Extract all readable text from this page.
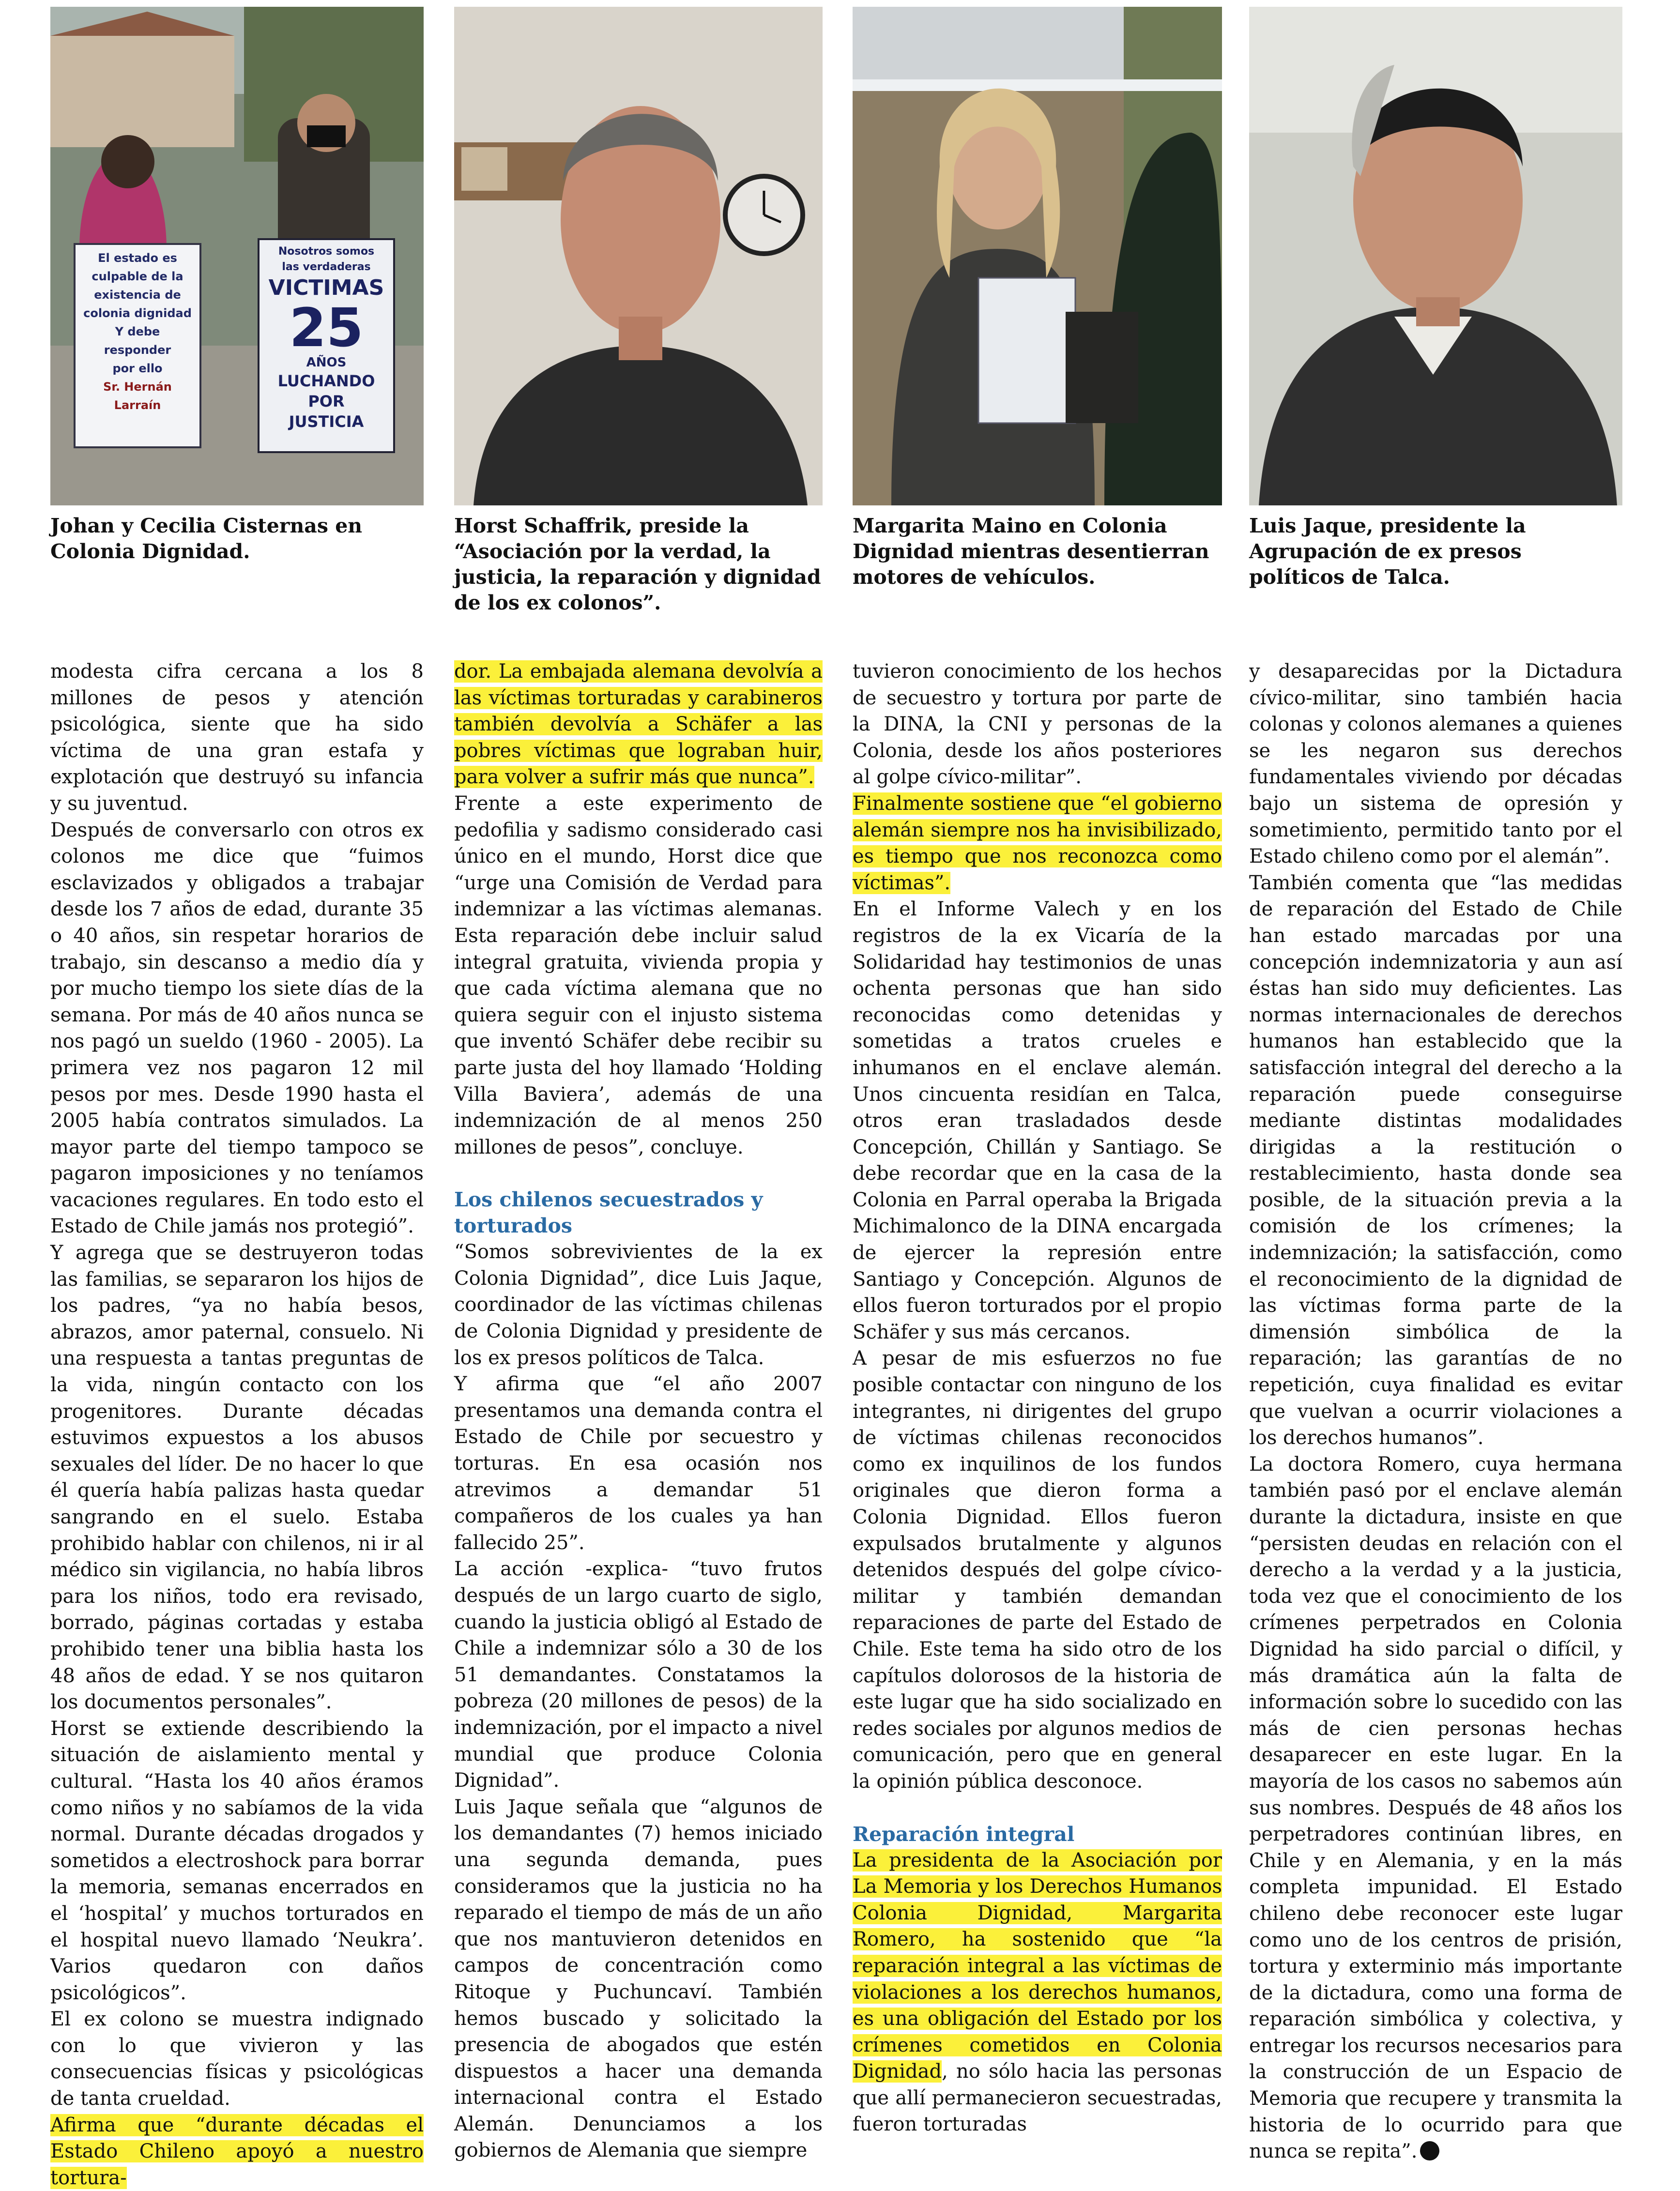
El estado es
culpable de la
existencia de
colonia dignidad
Y debe
responder
por ello
Sr. Hernán Larraín
Nosotros somos
las verdaderas
VICTIMAS
25
AÑOS
LUCHANDO
POR
JUSTICIA
Johan y Cecilia Cisternas en Colonia Dignidad.
Horst Schaffrik, preside la “Asociación por la verdad, la justicia, la reparación y dignidad de los ex colonos”.
Margarita Maino en Colonia Dignidad mientras desentierran motores de vehículos.
Luis Jaque, presidente la Agrupación de ex presos políticos de Talca.

modesta cifra cercana a los 8 millones de pesos y atención psicológica, siente que ha sido víctima de una gran estafa y explotación que destruyó su infancia y su juventud.

Después de conversarlo con otros ex colonos me dice que “fuimos esclavizados y obligados a trabajar desde los 7 años de edad, durante 35 o 40 años, sin respetar horarios de trabajo, sin descanso a medio día y por mucho tiempo los siete días de la semana. Por más de 40 años nunca se nos pagó un sueldo (1960 - 2005). La primera vez nos pagaron 12 mil pesos por mes. Desde 1990 hasta el 2005 había contratos simulados. La mayor parte del tiempo tampoco se pagaron imposiciones y no teníamos vacaciones regulares. En todo esto el Estado de Chile jamás nos protegió”.

Y agrega que se destruyeron todas las familias, se separaron los hijos de los padres, “ya no había besos, abrazos, amor paternal, consuelo. Ni una respuesta a tantas preguntas de la vida, ningún contacto con los progenitores. Durante décadas estuvimos expuestos a los abusos sexuales del líder. De no hacer lo que él quería había palizas hasta quedar sangrando en el suelo. Estaba prohibido hablar con chilenos, ni ir al médico sin vigilancia, no había libros para los niños, todo era revisado, borrado, páginas cortadas y estaba prohibido tener una biblia hasta los 48 años de edad. Y se nos quitaron los documentos personales”.

Horst se extiende describiendo la situación de aislamiento mental y cultural. “Hasta los 40 años éramos como niños y no sabíamos de la vida normal. Durante décadas drogados y sometidos a electroshock para borrar la memoria, semanas encerrados en el ‘hospital’ y muchos torturados en el hospital nuevo llamado ‘Neukra’. Varios quedaron con daños psicológicos”.

El ex colono se muestra indignado con lo que vivieron y las consecuencias físicas y psicológicas de tanta crueldad.

Afirma que “durante décadas el Estado Chileno apoyó a nuestro tortura-

dor. La embajada alemana devolvía a las víctimas torturadas y carabineros también devolvía a Schäfer a las pobres víctimas que lograban huir, para volver a sufrir más que nunca”.

Frente a este experimento de pedofilia y sadismo considerado casi único en el mundo, Horst dice que “urge una Comisión de Verdad para indemnizar a las víctimas alemanas. Esta reparación debe incluir salud integral gratuita, vivienda propia y que cada víctima alemana que no quiera seguir con el injusto sistema que inventó Schäfer debe recibir su parte justa del hoy llamado ‘Holding Villa Baviera’, además de una indemnización de al menos 250 millones de pesos”, concluye.

Los chilenos secuestrados y torturados

“Somos sobrevivientes de la ex Colonia Dignidad”, dice Luis Jaque, coordinador de las víctimas chilenas de Colonia Dignidad y presidente de los ex presos políticos de Talca.

Y afirma que “el año 2007 presentamos una demanda contra el Estado de Chile por secuestro y torturas. En esa ocasión nos atrevimos a demandar 51 compañeros de los cuales ya han fallecido 25”.

La acción -explica- “tuvo frutos después de un largo cuarto de siglo, cuando la justicia obligó al Estado de Chile a indemnizar sólo a 30 de los 51 demandantes. Constatamos la pobreza (20 millones de pesos) de la indemnización, por el impacto a nivel mundial que produce Colonia Dignidad”.

Luis Jaque señala que “algunos de los demandantes (7) hemos iniciado una segunda demanda, pues consideramos que la justicia no ha reparado el tiempo de más de un año que nos mantuvieron detenidos en campos de concentración como Ritoque y Puchuncaví. También hemos buscado y solicitado la presencia de abogados que estén dispuestos a hacer una demanda internacional contra el Estado Alemán. Denunciamos a los gobiernos de Alemania que siempre

tuvieron conocimiento de los hechos de secuestro y tortura por parte de la DINA, la CNI y personas de la Colonia, desde los años posteriores al golpe cívico-militar”.

Finalmente sostiene que “el gobierno alemán siempre nos ha invisibilizado, es tiempo que nos reconozca como víctimas”.

En el Informe Valech y en los registros de la ex Vicaría de la Solidaridad hay testimonios de unas ochenta personas que han sido reconocidas como detenidas y sometidas a tratos crueles e inhumanos en el enclave alemán. Unos cincuenta residían en Talca, otros eran trasladados desde Concepción, Chillán y Santiago. Se debe recordar que en la casa de la Colonia en Parral operaba la Brigada Michimalonco de la DINA encargada de ejercer la represión entre Santiago y Concepción. Algunos de ellos fueron torturados por el propio Schäfer y sus más cercanos.

A pesar de mis esfuerzos no fue posible contactar con ninguno de los integrantes, ni dirigentes del grupo de víctimas chilenas reconocidos como ex inquilinos de los fundos originales que dieron forma a Colonia Dignidad. Ellos fueron expulsados brutalmente y algunos detenidos después del golpe cívico-militar y también demandan reparaciones de parte del Estado de Chile. Este tema ha sido otro de los capítulos dolorosos de la historia de este lugar que ha sido socializado en redes sociales por algunos medios de comunicación, pero que en general la opinión pública desconoce.

Reparación integral

La presidenta de la Asociación por La Memoria y los Derechos Humanos Colonia Dignidad, Margarita Romero, ha sostenido que “la reparación integral a las víctimas de violaciones a los derechos humanos, es una obligación del Estado por los crímenes cometidos en Colonia Dignidad, no sólo hacia las personas que allí permanecieron secuestradas, fueron torturadas

y desaparecidas por la Dictadura cívico-militar, sino también hacia colonas y colonos alemanes a quienes se les negaron sus derechos fundamentales viviendo por décadas bajo un sistema de opresión y sometimiento, permitido tanto por el Estado chileno como por el alemán”.

También comenta que “las medidas de reparación del Estado de Chile han estado marcadas por una concepción indemnizatoria y aun así éstas han sido muy deficientes. Las normas internacionales de derechos humanos han establecido que la satisfacción integral del derecho a la reparación puede conseguirse mediante distintas modalidades dirigidas a la restitución o restablecimiento, hasta donde sea posible, de la situación previa a la comisión de los crímenes; la indemnización; la satisfacción, como el reconocimiento de la dignidad de las víctimas forma parte de la dimensión simbólica de la reparación; las garantías de no repetición, cuya finalidad es evitar que vuelvan a ocurrir violaciones a los derechos humanos”.

La doctora Romero, cuya hermana también pasó por el enclave alemán durante la dictadura, insiste en que “persisten deudas en relación con el derecho a la verdad y a la justicia, toda vez que el conocimiento de los crímenes perpetrados en Colonia Dignidad ha sido parcial o difícil, y más dramática aún la falta de información sobre lo sucedido con las más de cien personas hechas desaparecer en este lugar. En la mayoría de los casos no sabemos aún sus nombres. Después de 48 años los perpetradores continúan libres, en Chile y en Alemania, y en la más completa impunidad. El Estado chileno debe reconocer este lugar como uno de los centros de prisión, tortura y exterminio más importante de la dictadura, como una forma de reparación simbólica y colectiva, y entregar los recursos necesarios para la construcción de un Espacio de Memoria que recupere y transmita la historia de lo ocurrido para que nunca se repita”.
